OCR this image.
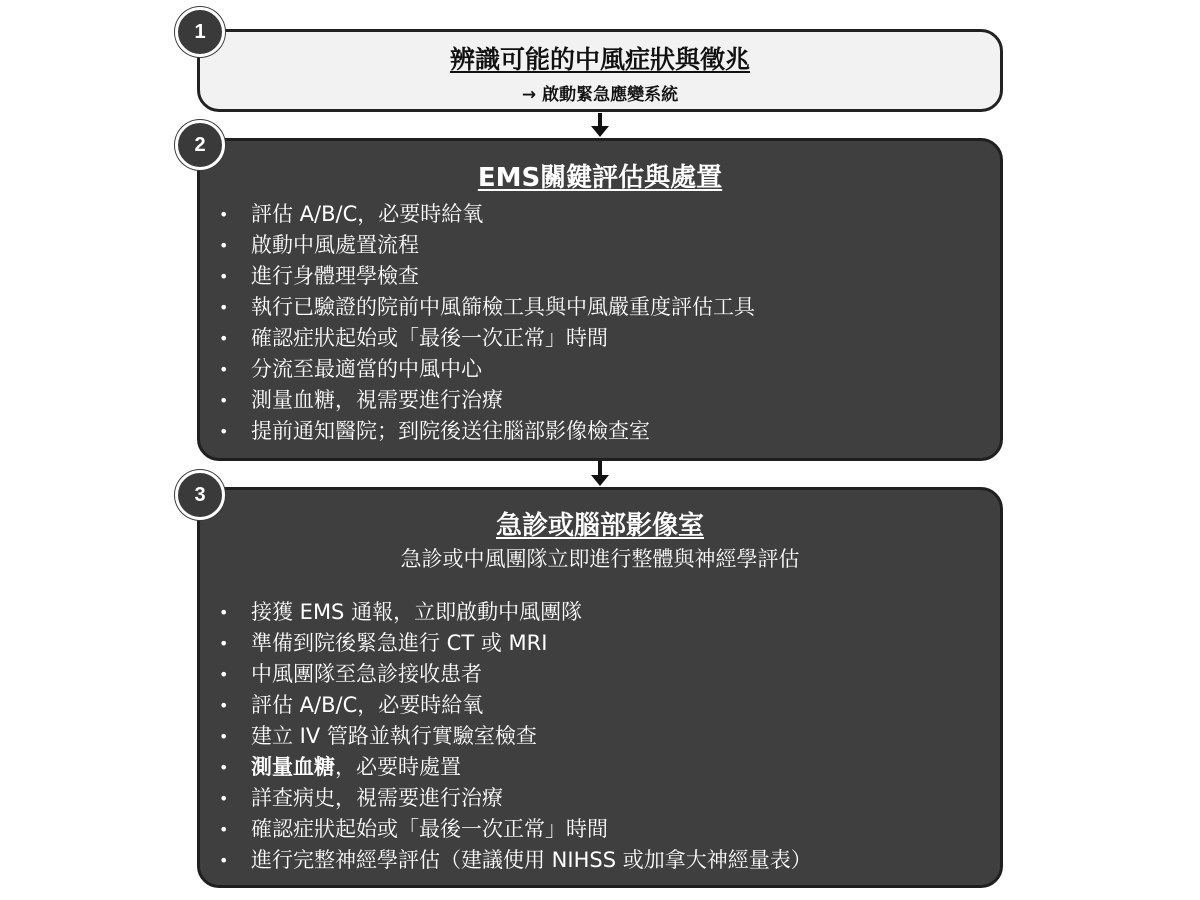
1
辨識可能的中風症狀與徵兆
→ 啟動緊急應變系統
2
EMS關鍵評估與處置
• 評估 A/B/C，必要時給氧
• 啟動中風處置流程
• 進行身體理學檢查
• 執行已驗證的院前中風篩檢工具與中風嚴重度評估工具
• 確認症狀起始或「最後一次正常」時間
• 分流至最適當的中風中心
• 測量血糖，視需要進行治療
• 提前通知醫院；到院後送往腦部影像檢查室
3
急診或腦部影像室
急診或中風團隊立即進行整體與神經學評估
• 接獲 EMS 通報，立即啟動中風團隊
• 準備到院後緊急進行 CT 或 MRI
• 中風團隊至急診接收患者
• 評估 A/B/C，必要時給氧
• 建立 IV 管路並執行實驗室檢查
• 測量血糖，必要時處置
• 詳查病史，視需要進行治療
• 確認症狀起始或「最後一次正常」時間
• 進行完整神經學評估（建議使用 NIHSS 或加拿大神經量表）
